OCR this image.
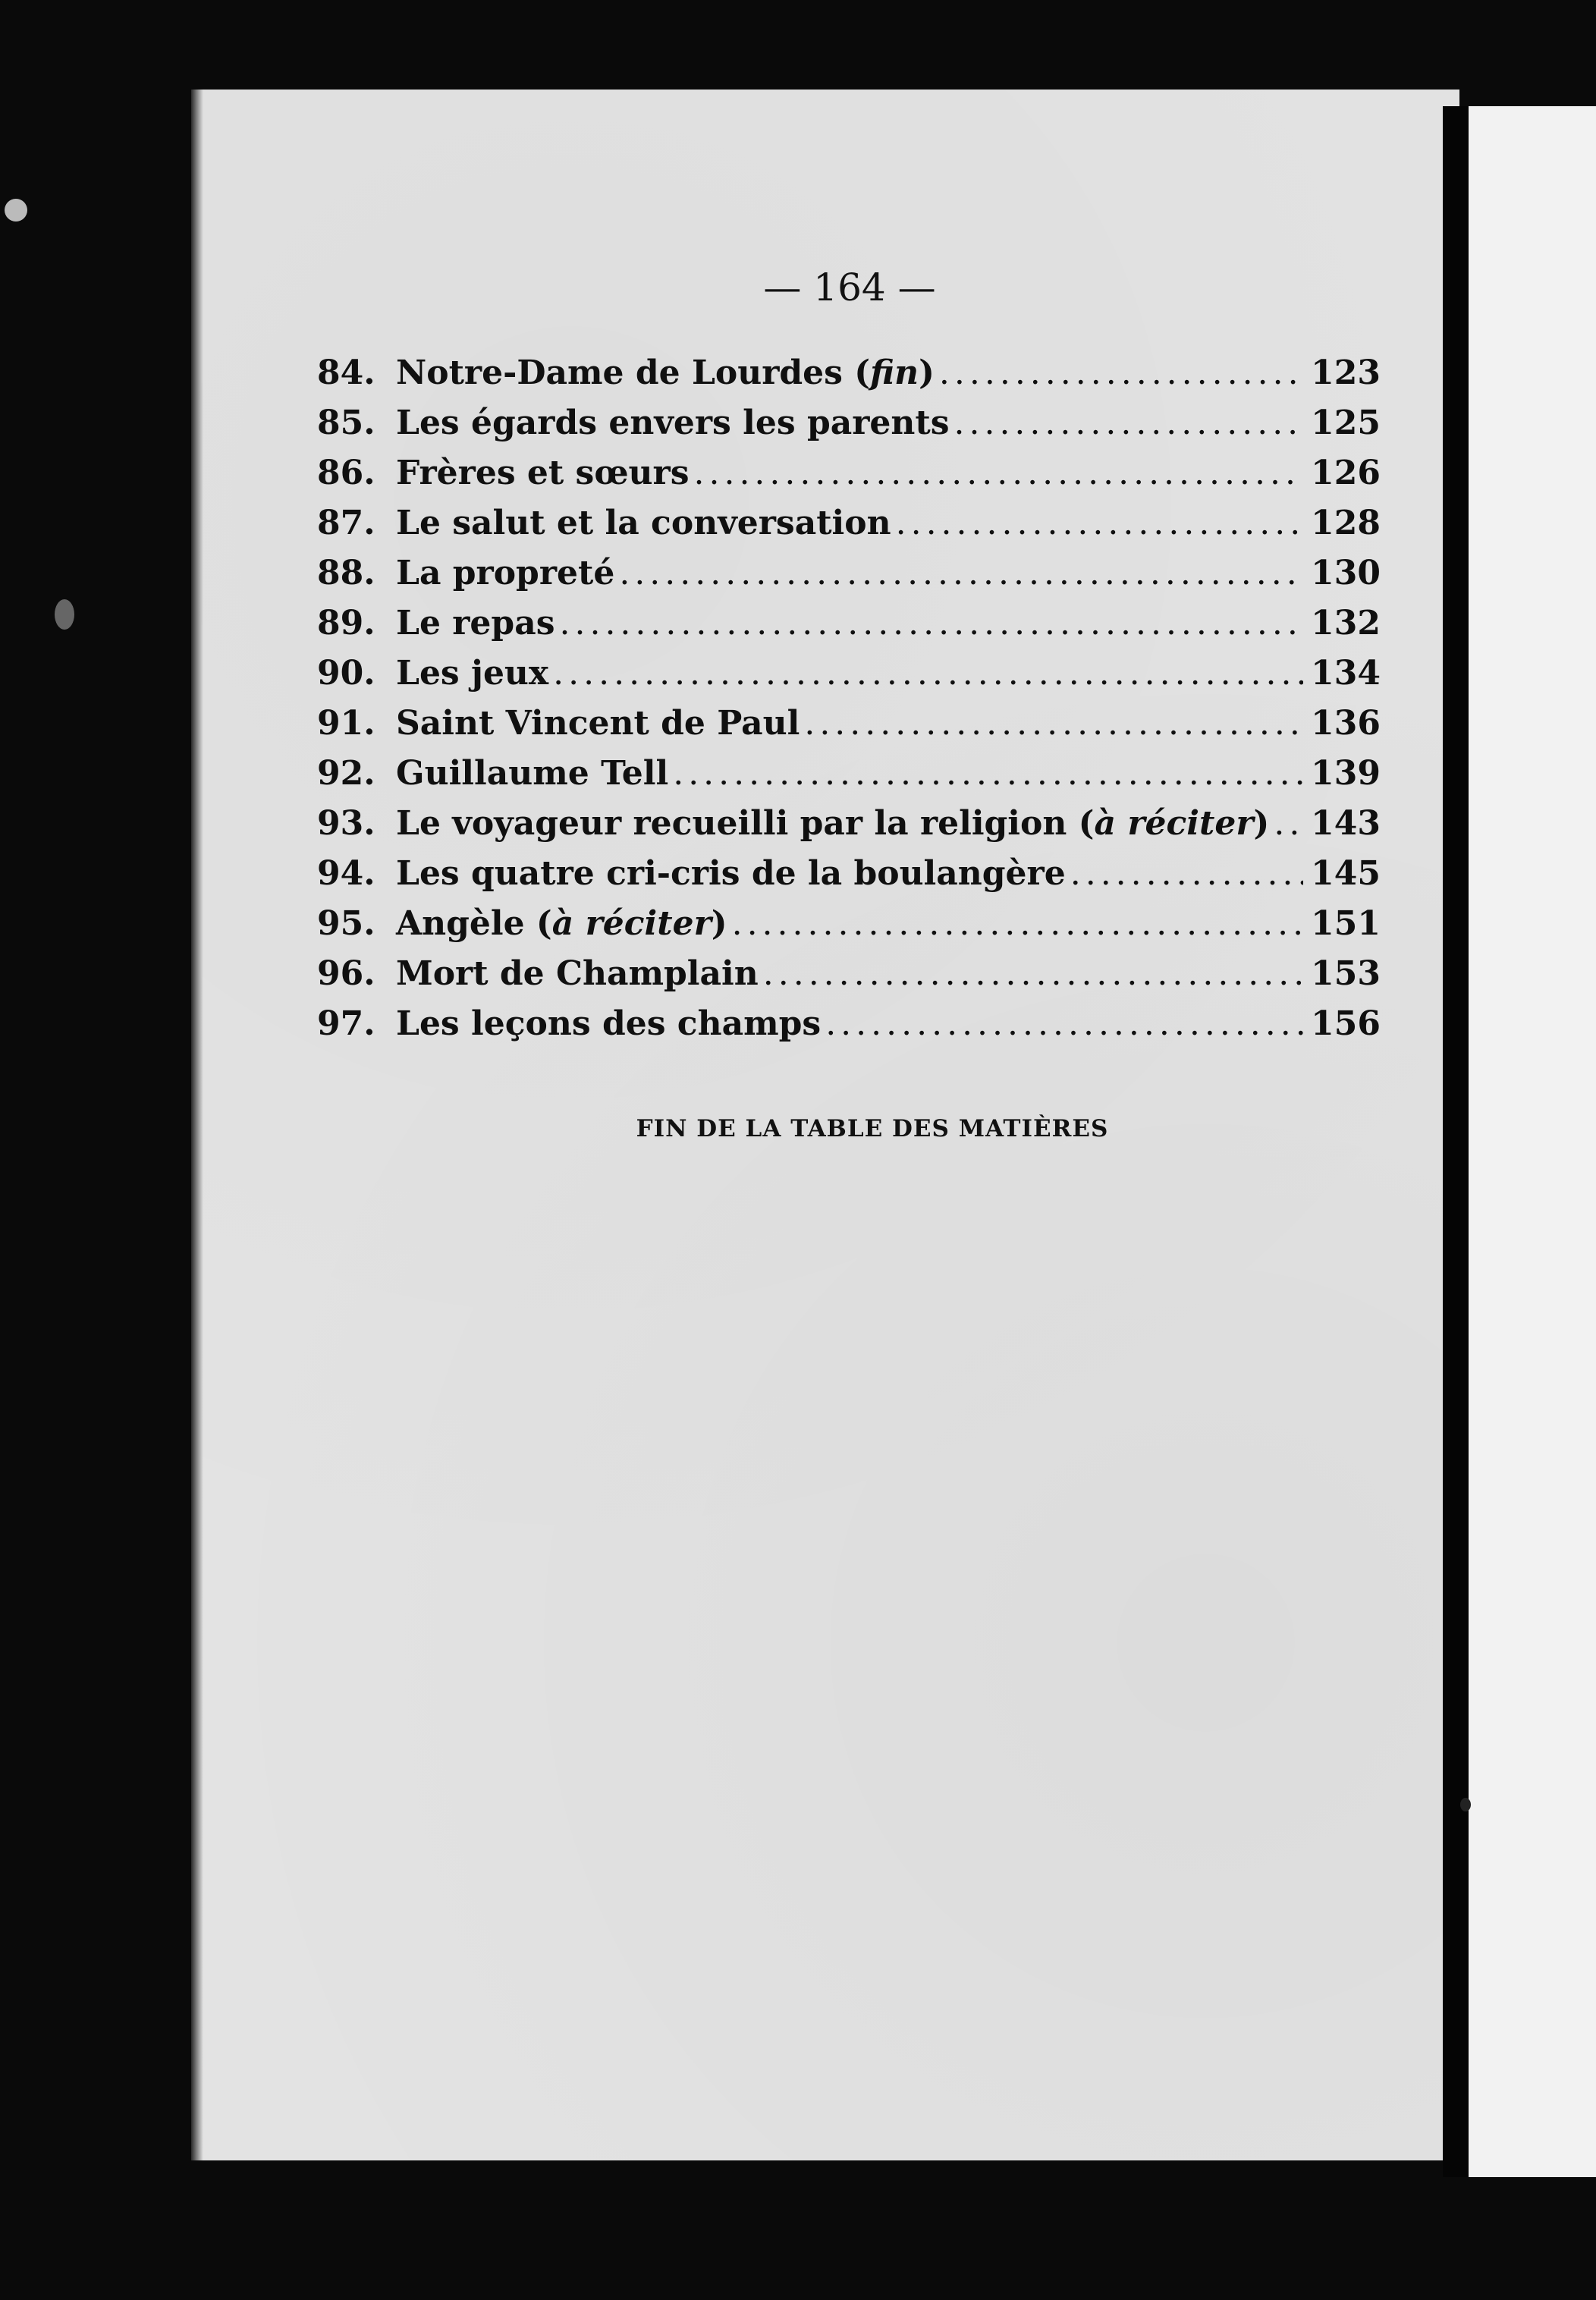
— 164 —
84. Notre-Dame de Lourdes (fin) .....	123
85. Les égards envers les parents .....	125
86. Frères et sœurs .....	126
87. Le salut et la conversation .....	128
88. La propreté .....	130
89. Le repas .....	132
90. Les jeux .....	134
91. Saint Vincent de Paul .....	136
92. Guillaume Tell .....	139
93. Le voyageur recueilli par la religion (à réciter) ..... 143
94. Les quatre cri-cris de la boulangère .....	145
95. Angèle (à réciter) .....	151
96. Mort de Champlain .....	153
97. Les leçons des champs .....	156
FIN DE LA TABLE DES MATIÈRES
